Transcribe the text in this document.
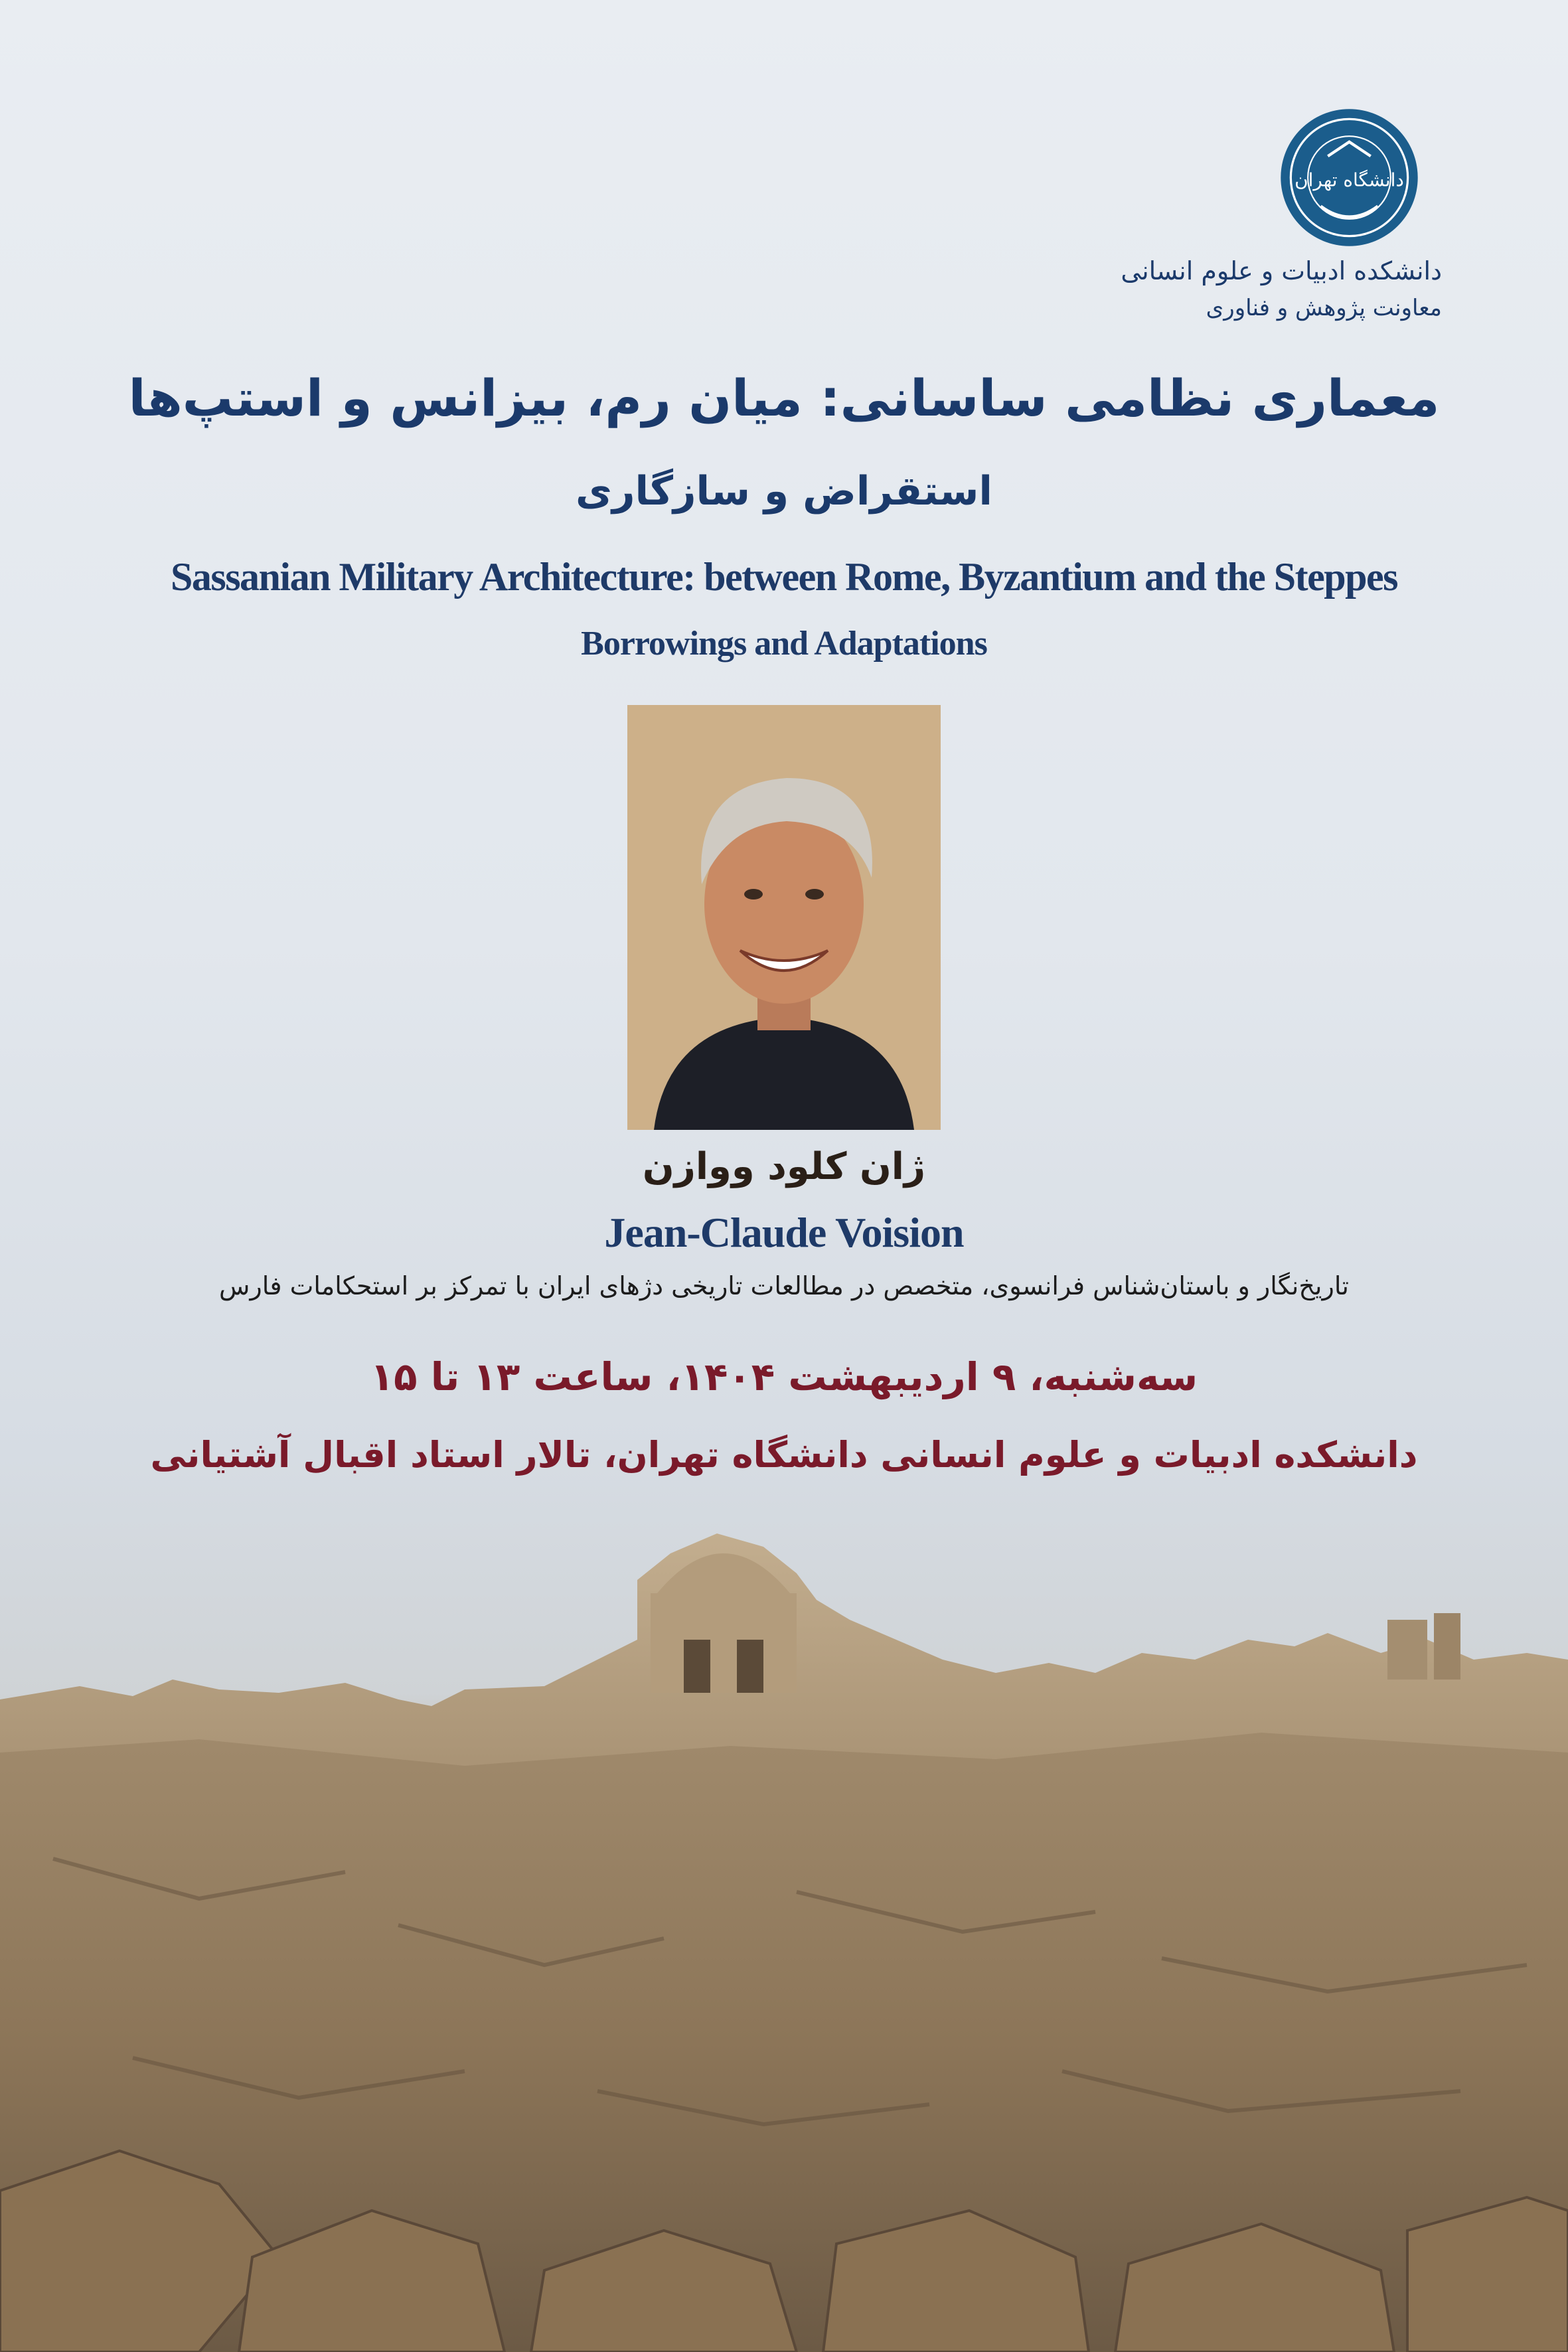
دانشگاه تهران
دانشکده ادبیات و علوم انسانی
معاونت پژوهش و فناوری
معماری نظامی ساسانی: میان رم، بیزانس و استپ‌ها
استقراض و سازگاری
Sassanian Military Architecture: between Rome, Byzantium and the Steppes
Borrowings and Adaptations
ژان کلود ووازن
Jean-Claude Voision
تاریخ‌نگار و باستان‌شناس فرانسوی، متخصص در مطالعات تاریخی دژهای ایران با تمرکز بر استحکامات فارس
سه‌شنبه، ۹ اردیبهشت ۱۴۰۴، ساعت ۱۳ تا ۱۵
دانشکده ادبیات و علوم انسانی دانشگاه تهران، تالار استاد اقبال آشتیانی
